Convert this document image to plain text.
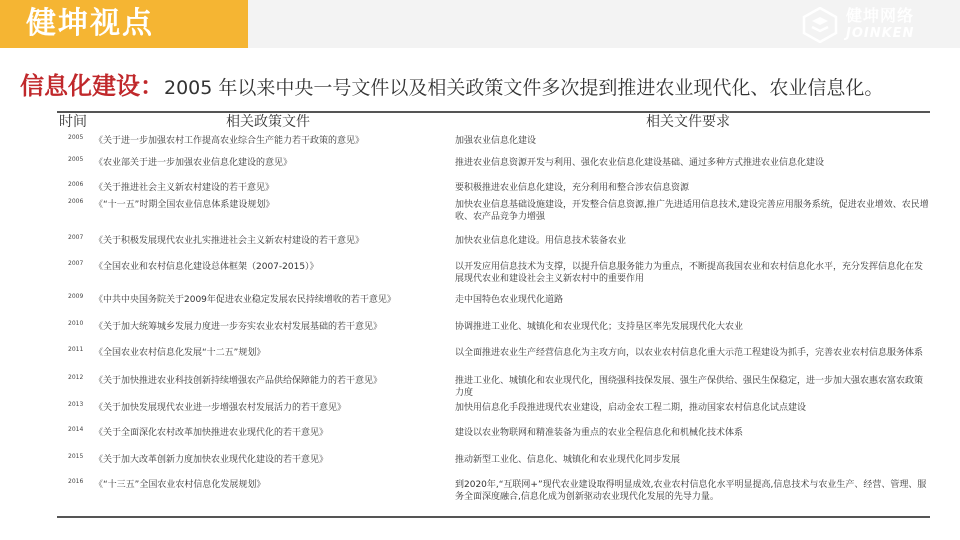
健坤视点	健坤网络
JOINKEN
信息化建设：2005 年以来中央一号文件以及相关政策文件多次提到推进农业现代化、农业信息化。
时间	相关政策文件	相关文件要求
2005 《关于进一步加强农村工作提高农业综合生产能力若干政策的意见》	加强农业信息化建设
2005 《农业部关于进一步加强农业信息化建设的意见》	推进农业信息资源开发与利用、强化农业信息化建设基础、通过多种方式推进农业信息化建设
2006 《关于推进社会主义新农村建设的若干意见》	要积极推进农业信息化建设，充分利用和整合涉农信息资源
2006 《“十一五”时期全国农业信息体系建设规划》	加快农业信息基础设施建设，开发整合信息资源,推广先进适用信息技术,建设完善应用服务系统，促进农业增效、农民增收、农产品竞争力增强
2007 《关于积极发展现代农业扎实推进社会主义新农村建设的若干意见》	加快农业信息化建设。用信息技术装备农业
2007 《全国农业和农村信息化建设总体框架（2007-2015）》	以开发应用信息技术为支撑，以提升信息服务能力为重点，不断提高我国农业和农村信息化水平，充分发挥信息化在发展现代农业和建设社会主义新农村中的重要作用
2009 《中共中央国务院关于2009年促进农业稳定发展农民持续增收的若干意见》	走中国特色农业现代化道路
2010 《关于加大统筹城乡发展力度进一步夯实农业农村发展基础的若干意见》	协调推进工业化、城镇化和农业现代化；支持垦区率先发展现代化大农业
2011 《全国农业农村信息化发展“十二五”规划》	以全面推进农业生产经营信息化为主攻方向，以农业农村信息化重大示范工程建设为抓手，完善农业农村信息服务体系
2012 《关于加快推进农业科技创新持续增强农产品供给保障能力的若干意见》	推进工业化、城镇化和农业现代化，围绕强科技保发展、强生产保供给、强民生保稳定，进一步加大强农惠农富农政策力度
2013 《关于加快发展现代农业进一步增强农村发展活力的若干意见》	加快用信息化手段推进现代农业建设，启动金农工程二期，推动国家农村信息化试点建设
2014 《关于全面深化农村改革加快推进农业现代化的若干意见》	建设以农业物联网和精准装备为重点的农业全程信息化和机械化技术体系
2015 《关于加大改革创新力度加快农业现代化建设的若干意见》	推动新型工业化、信息化、城镇化和农业现代化同步发展
2016 《“十三五”全国农业农村信息化发展规划》	到2020年,“互联网+”现代农业建设取得明显成效,农业农村信息化水平明显提高,信息技术与农业生产、经营、管理、服务全面深度融合,信息化成为创新驱动农业现代化发展的先导力量。
